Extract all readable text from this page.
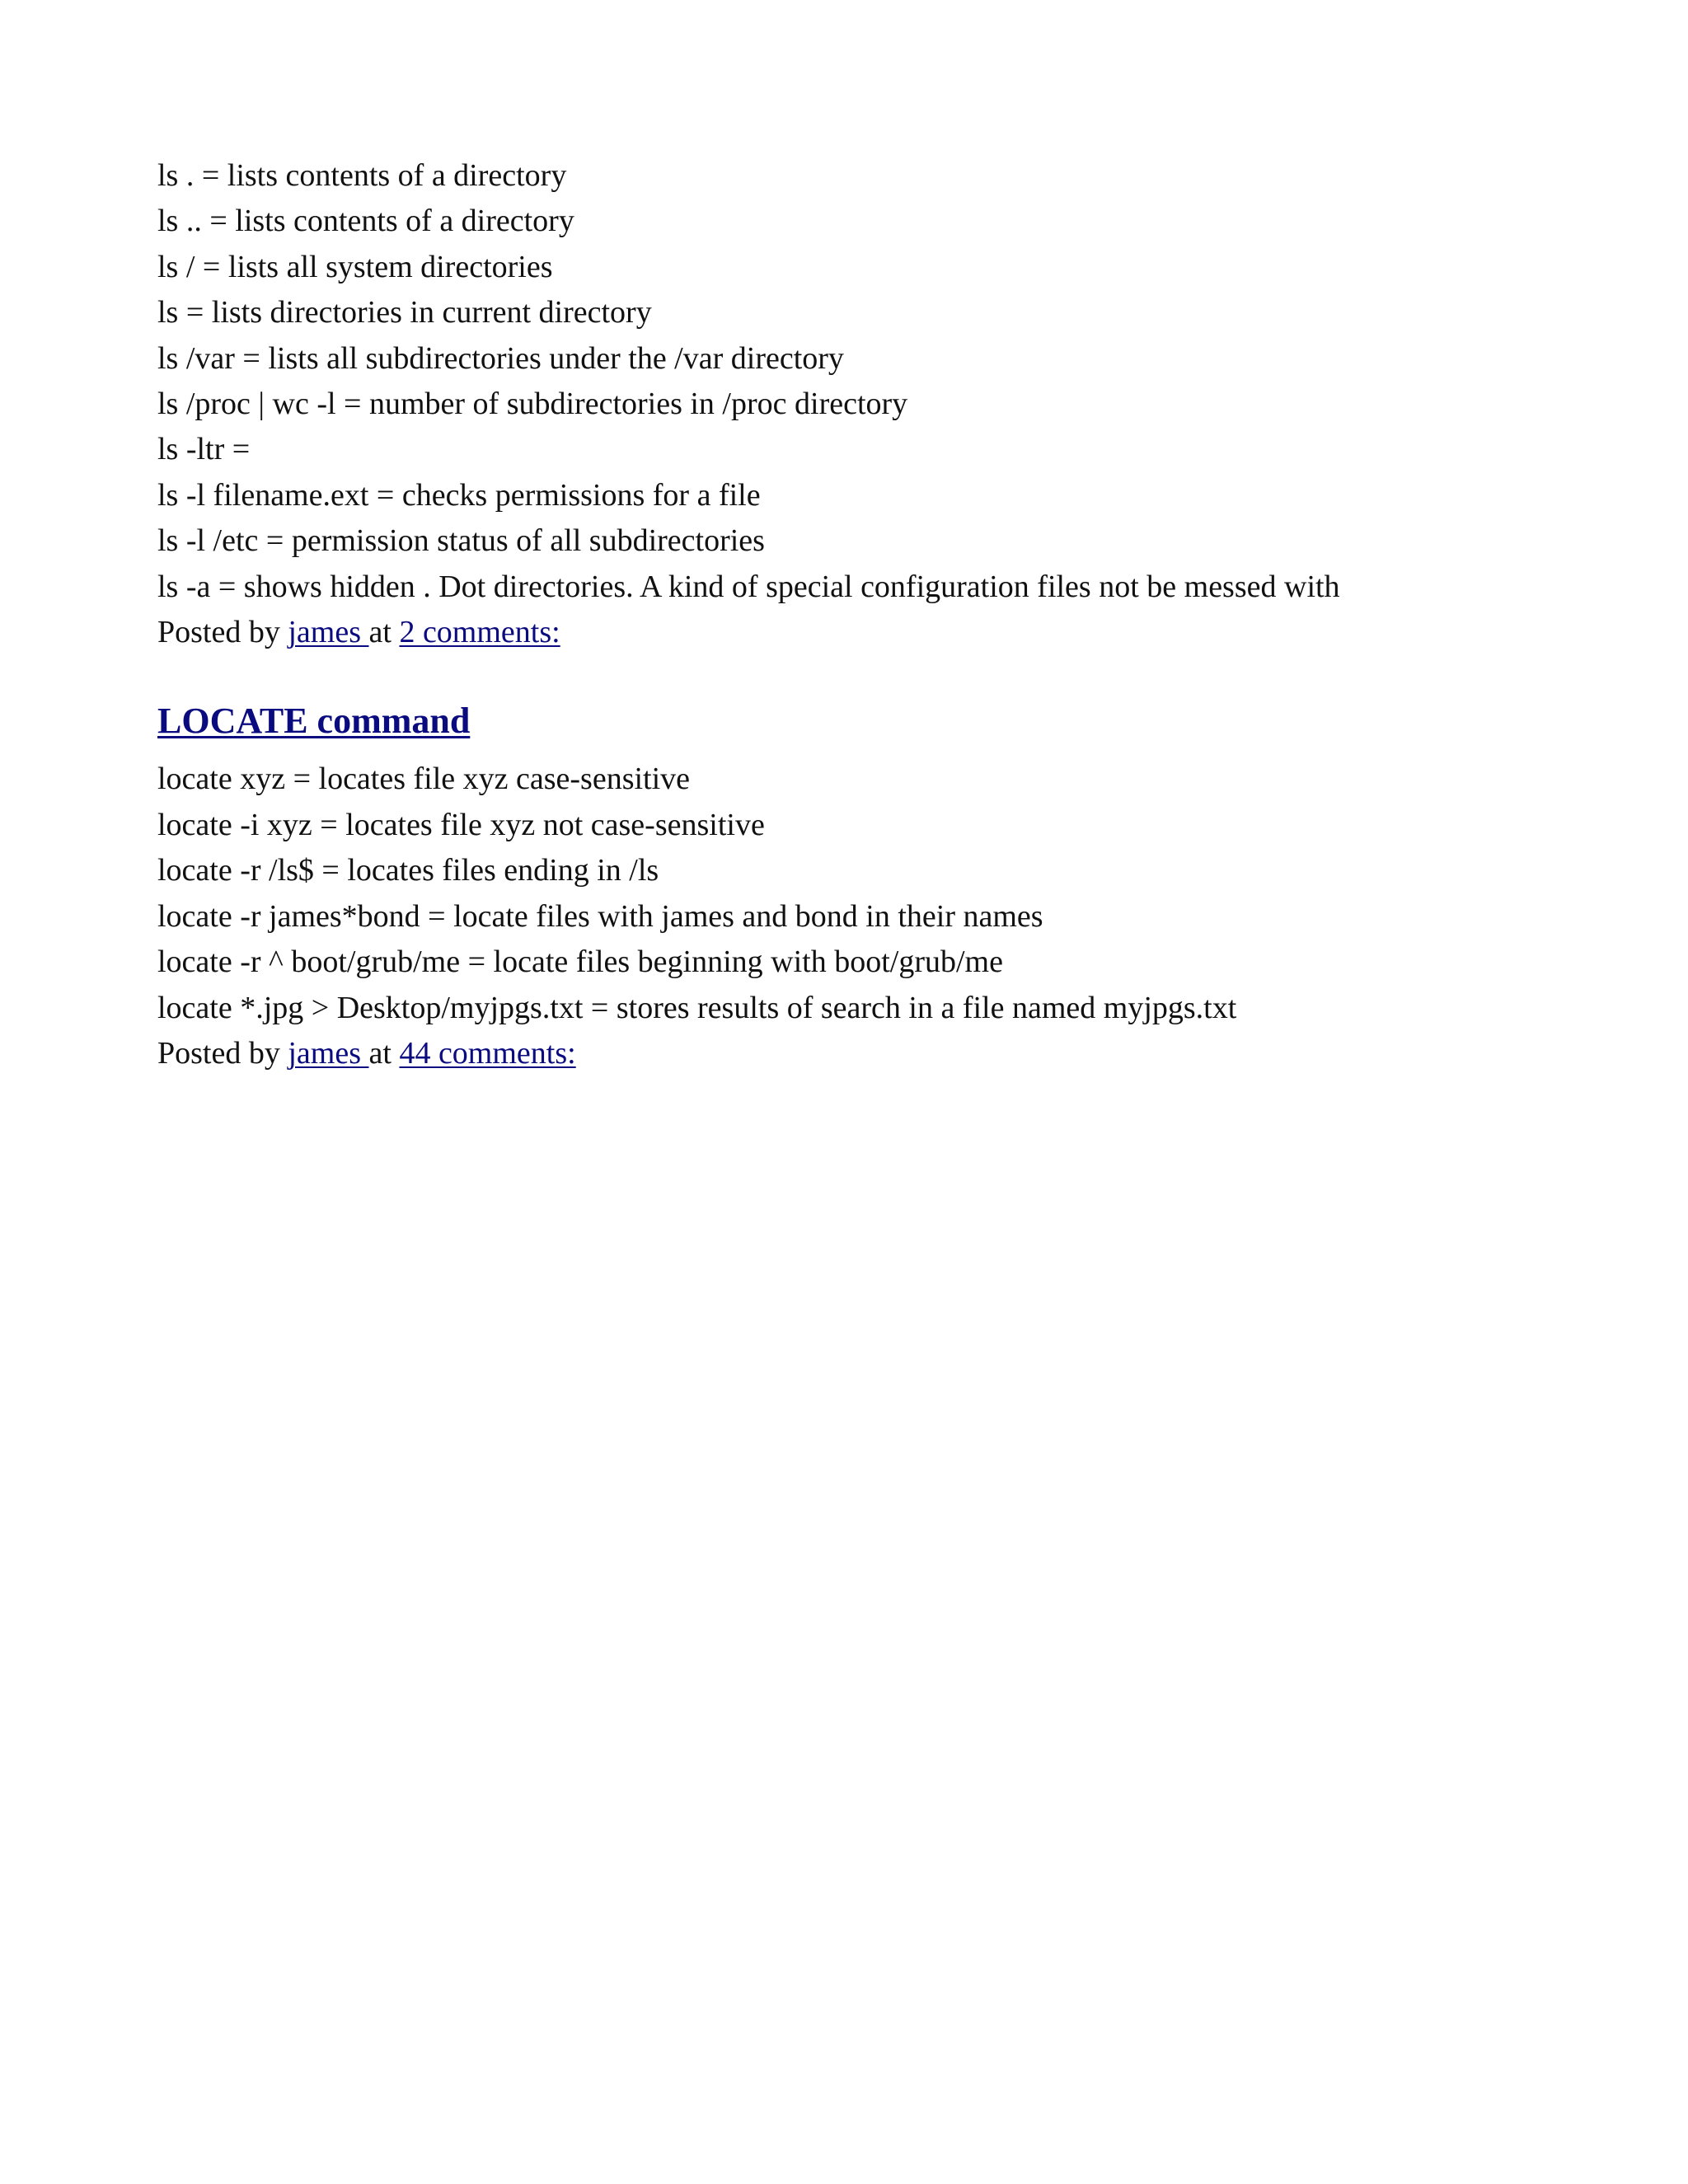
ls . = lists contents of a directory
ls .. = lists contents of a directory
ls / = lists all system directories
ls = lists directories in current directory
ls /var = lists all subdirectories under the /var directory
ls /proc | wc -l = number of subdirectories in /proc directory
ls -ltr =
ls -l filename.ext = checks permissions for a file
ls -l /etc = permission status of all subdirectories
ls -a = shows hidden . Dot directories. A kind of special configuration files not be messed with
Posted by james at 2 comments:
LOCATE command
locate xyz = locates file xyz case-sensitive
locate -i xyz = locates file xyz not case-sensitive
locate -r /ls$ = locates files ending in /ls
locate -r james*bond = locate files with james and bond in their names
locate -r ^ boot/grub/me = locate files beginning with boot/grub/me
locate *.jpg > Desktop/myjpgs.txt = stores results of search in a file named myjpgs.txt
Posted by james at 44 comments:
